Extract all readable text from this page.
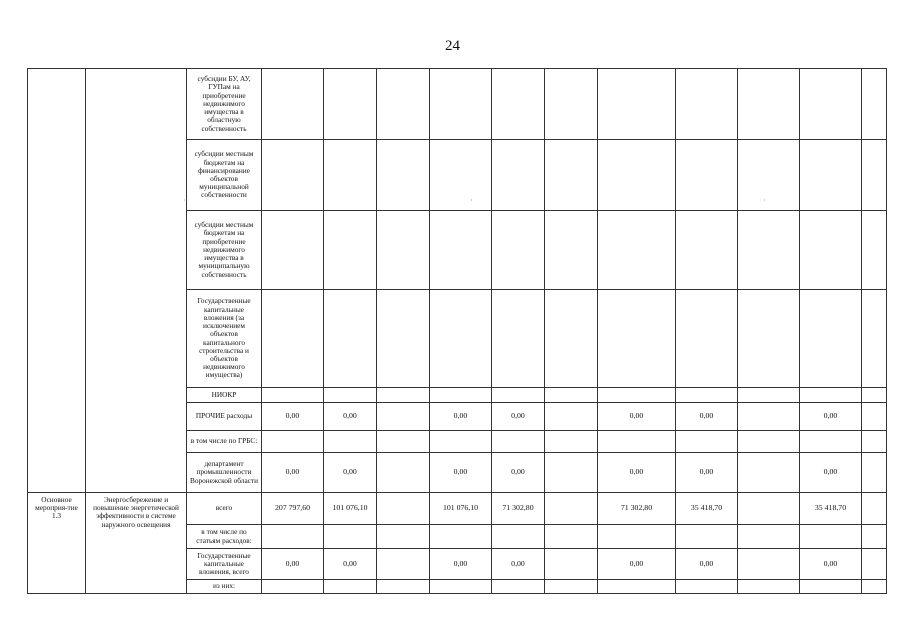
24
		субсидии БУ, АУ, ГУПам на приобретение недвижимого имущества в областную собственность											
		субсидии местным бюджетам на финансирование объектов муниципальной собственности											
		субсидии местным бюджетам на приобретение недвижимого имущества в муниципальную собственность											
		Государственные капитальные вложения (за исключением объектов капитального строительства и объектов недвижимого имущества)											
		НИОКР											
		ПРОЧИЕ расходы	0,00	0,00		0,00	0,00		0,00	0,00		0,00	
		в том числе по ГРБС:											
		департамент промышленности Воронежской области	0,00	0,00		0,00	0,00		0,00	0,00		0,00	
Основное мероприя-тие 1.3	Энергосбережение и повышение энергетической эффективности в системе наружного освещения	всего	207 797,60	101 076,10		101 076,10	71 302,80		71 302,80	35 418,70		35 418,70	
		в том числе по статьям расходов:											
		Государственные капитальные вложения, всего	0,00	0,00		0,00	0,00		0,00	0,00		0,00	
		из них:											
·	·	·
